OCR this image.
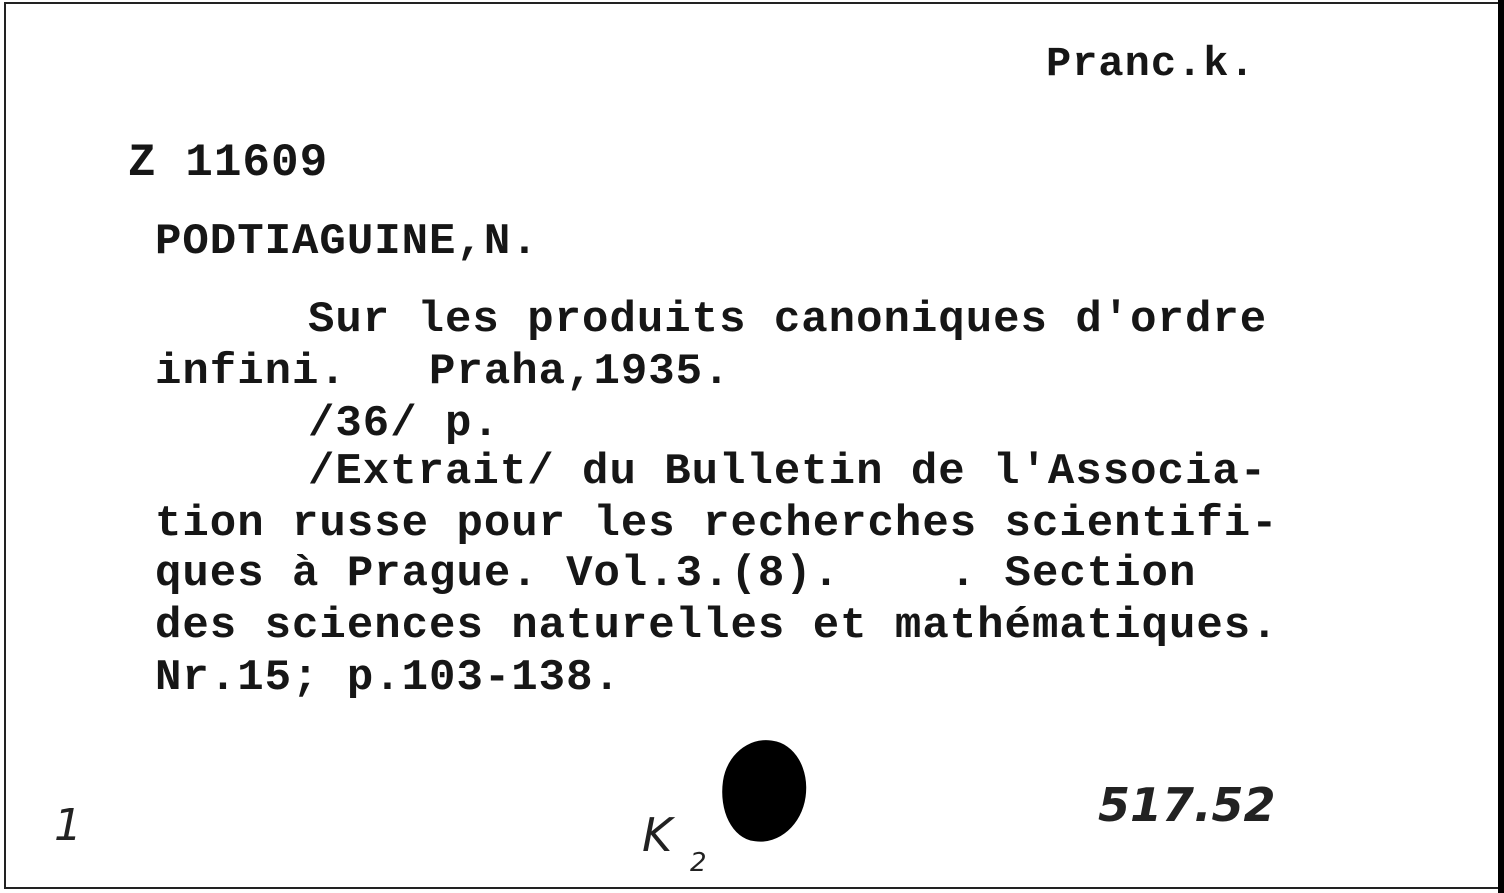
Pranc.k.
Z 11609
PODTIAGUINE,N.
Sur les produits canoniques d'ordre
infini.   Praha,1935.
/36/ p.
/Extrait/ du Bulletin de l'Associa-
tion russe pour les recherches scientifi-
ques à Prague. Vol.3.(8).    . Section
des sciences naturelles et mathématiques.
Nr.15; p.103-138.
1	K
2
517.52
